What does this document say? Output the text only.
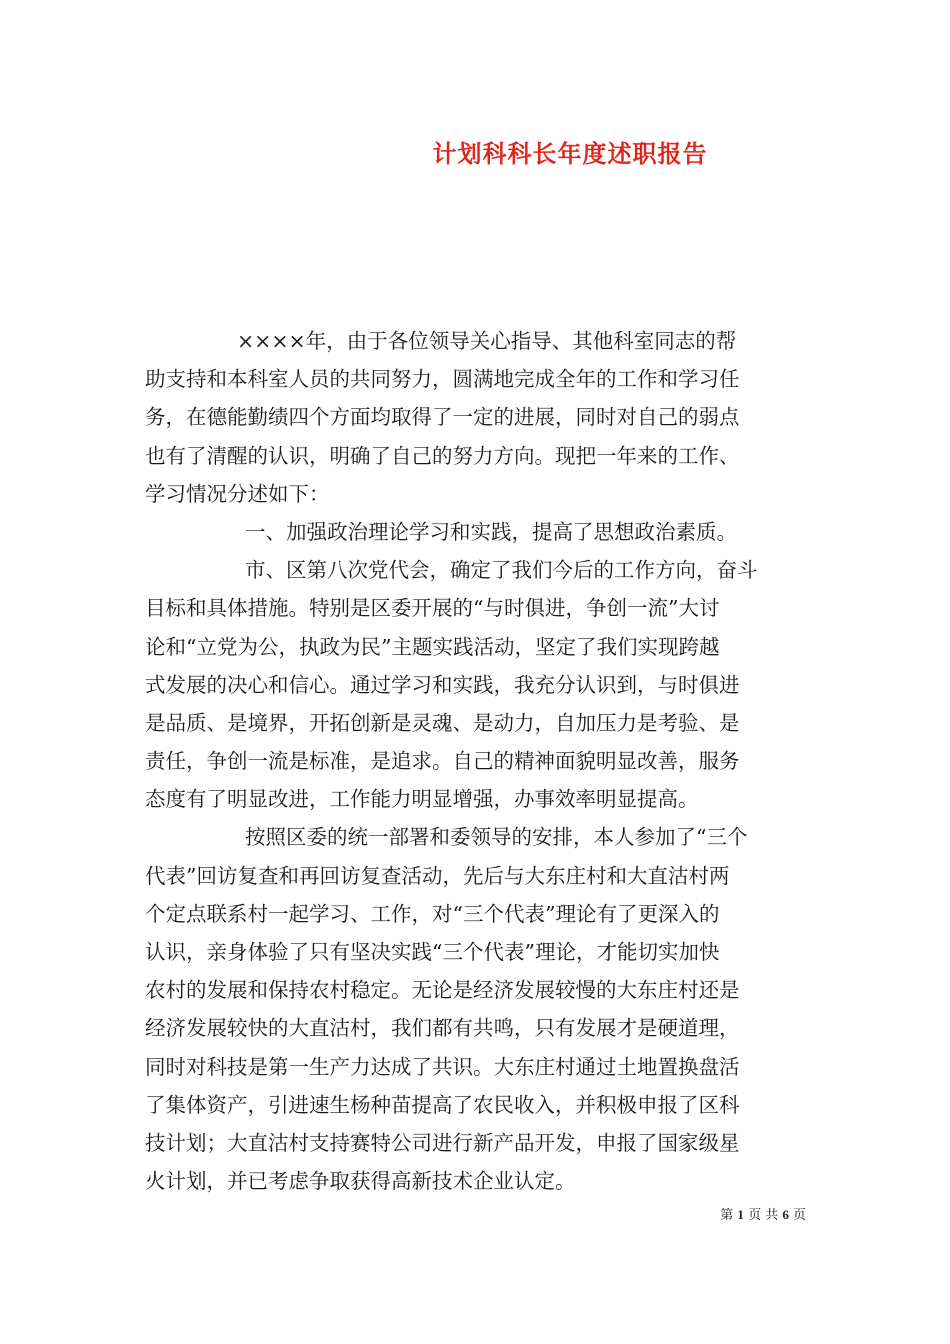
计划科科长年度述职报告
××××年，由于各位领导关心指导、其他科室同志的帮
助支持和本科室人员的共同努力，圆满地完成全年的工作和学习任
务，在德能勤绩四个方面均取得了一定的进展，同时对自己的弱点
也有了清醒的认识，明确了自己的努力方向。现把一年来的工作、
学习情况分述如下：
一、加强政治理论学习和实践，提高了思想政治素质。
市、区第八次党代会，确定了我们今后的工作方向，奋斗
目标和具体措施。特别是区委开展的“与时俱进，争创一流”大讨
论和“立党为公，执政为民”主题实践活动，坚定了我们实现跨越
式发展的决心和信心。通过学习和实践，我充分认识到，与时俱进
是品质、是境界，开拓创新是灵魂、是动力，自加压力是考验、是
责任，争创一流是标准，是追求。自己的精神面貌明显改善，服务
态度有了明显改进，工作能力明显增强，办事效率明显提高。
按照区委的统一部署和委领导的安排，本人参加了“三个
代表”回访复查和再回访复查活动，先后与大东庄村和大直沽村两
个定点联系村一起学习、工作，对“三个代表”理论有了更深入的
认识，亲身体验了只有坚决实践“三个代表”理论，才能切实加快
农村的发展和保持农村稳定。无论是经济发展较慢的大东庄村还是
经济发展较快的大直沽村，我们都有共鸣，只有发展才是硬道理，
同时对科技是第一生产力达成了共识。大东庄村通过土地置换盘活
了集体资产，引进速生杨种苗提高了农民收入，并积极申报了区科
技计划；大直沽村支持赛特公司进行新产品开发，申报了国家级星
火计划，并已考虑争取获得高新技术企业认定。
第 1 页 共 6 页
